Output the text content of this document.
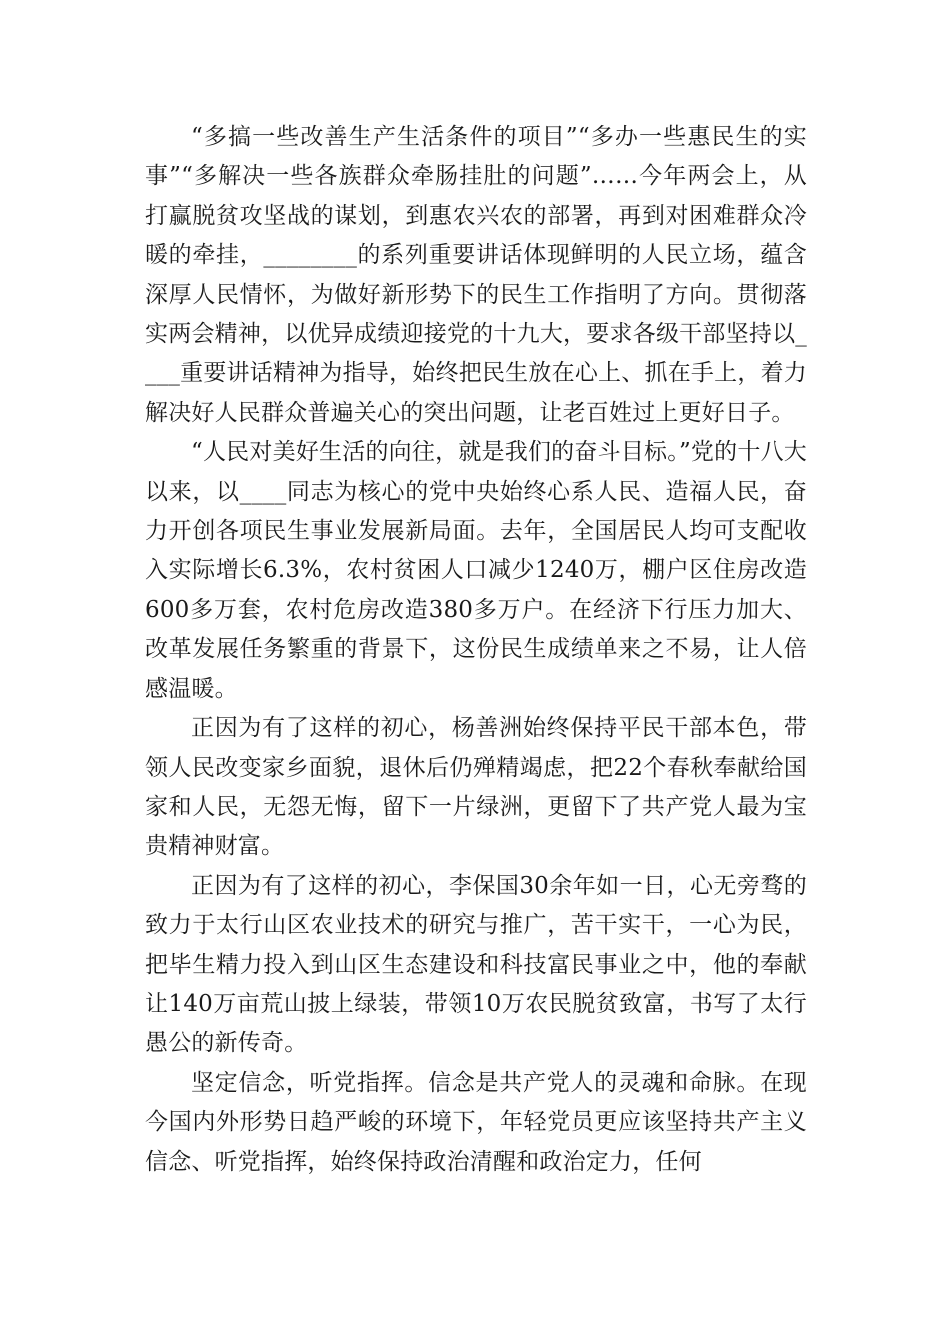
“多搞一些改善生产生活条件的项目”“多办一些惠民生的实事”“多解决一些各族群众牵肠挂肚的问题”……今年两会上，从打赢脱贫攻坚战的谋划，到惠农兴农的部署，再到对困难群众冷暖的牵挂，________的系列重要讲话体现鲜明的人民立场，蕴含深厚人民情怀，为做好新形势下的民生工作指明了方向。贯彻落实两会精神，以优异成绩迎接党的十九大，要求各级干部坚持以____重要讲话精神为指导，始终把民生放在心上、抓在手上，着力解决好人民群众普遍关心的突出问题，让老百姓过上更好日子。

“人民对美好生活的向往，就是我们的奋斗目标。”党的十八大以来，以____同志为核心的党中央始终心系人民、造福人民，奋力开创各项民生事业发展新局面。去年，全国居民人均可支配收入实际增长6.3%，农村贫困人口减少1240万，棚户区住房改造600多万套，农村危房改造380多万户。在经济下行压力加大、改革发展任务繁重的背景下，这份民生成绩单来之不易，让人倍感温暖。

正因为有了这样的初心，杨善洲始终保持平民干部本色，带领人民改变家乡面貌，退休后仍殚精竭虑，把22个春秋奉献给国家和人民，无怨无悔，留下一片绿洲，更留下了共产党人最为宝贵精神财富。

正因为有了这样的初心，李保国30余年如一日，心无旁骛的致力于太行山区农业技术的研究与推广，苦干实干，一心为民，把毕生精力投入到山区生态建设和科技富民事业之中，他的奉献让140万亩荒山披上绿装，带领10万农民脱贫致富，书写了太行愚公的新传奇。

坚定信念，听党指挥。信念是共产党人的灵魂和命脉。在现今国内外形势日趋严峻的环境下，年轻党员更应该坚持共产主义信念、听党指挥，始终保持政治清醒和政治定力，任何
